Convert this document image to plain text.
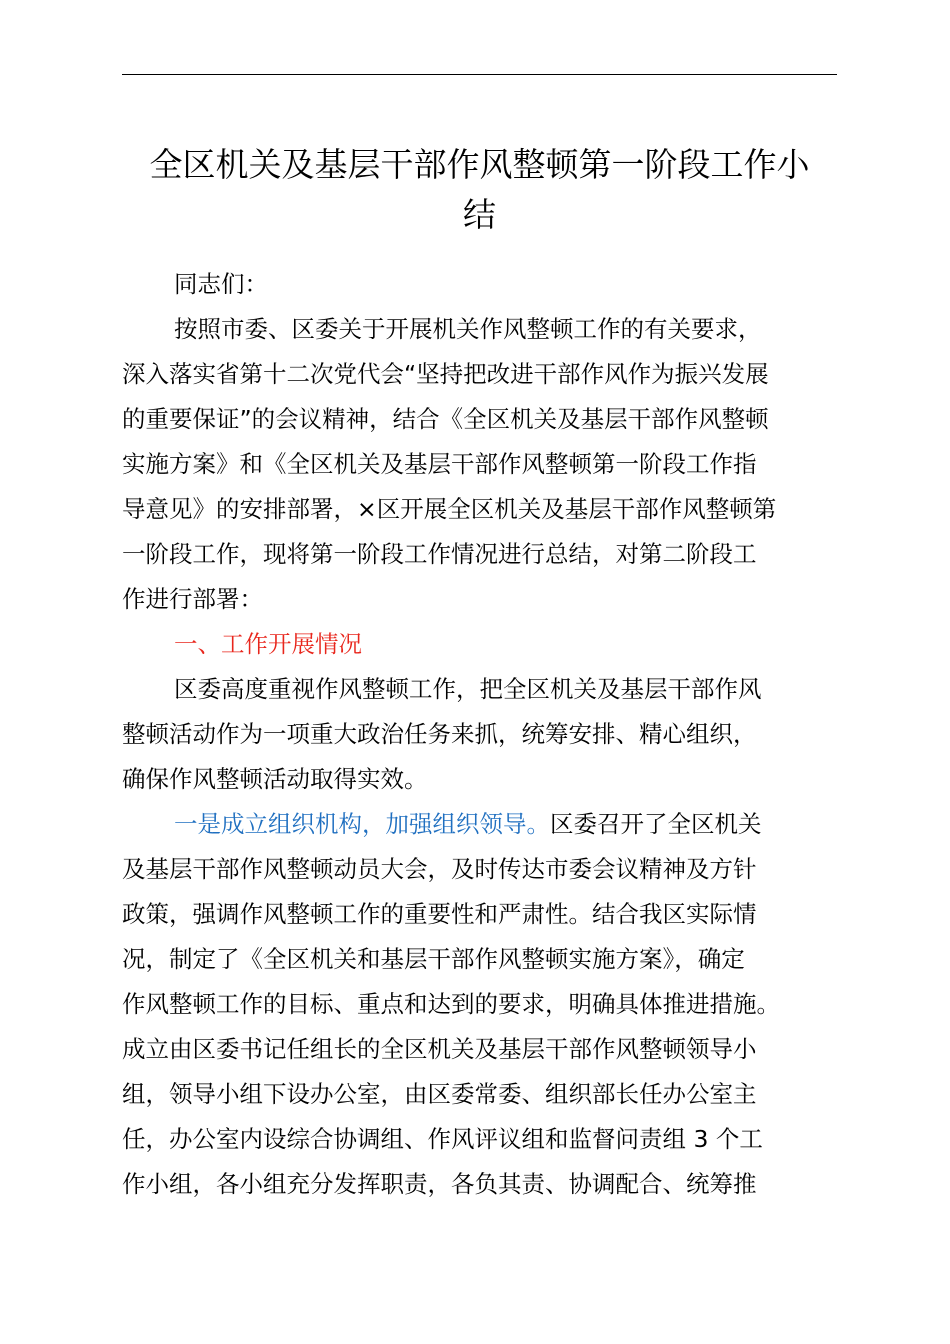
全区机关及基层干部作风整顿第一阶段工作小
结

同志们：

按照市委、区委关于开展机关作风整顿工作的有关要求，
深入落实省第十二次党代会“坚持把改进干部作风作为振兴发展
的重要保证”的会议精神，结合《全区机关及基层干部作风整顿
实施方案》和《全区机关及基层干部作风整顿第一阶段工作指
导意见》的安排部署，×区开展全区机关及基层干部作风整顿第
一阶段工作，现将第一阶段工作情况进行总结，对第二阶段工
作进行部署：

一、工作开展情况

区委高度重视作风整顿工作，把全区机关及基层干部作风
整顿活动作为一项重大政治任务来抓，统筹安排、精心组织，
确保作风整顿活动取得实效。

一是成立组织机构，加强组织领导。区委召开了全区机关
及基层干部作风整顿动员大会，及时传达市委会议精神及方针
政策，强调作风整顿工作的重要性和严肃性。结合我区实际情
况，制定了《全区机关和基层干部作风整顿实施方案》，确定
作风整顿工作的目标、重点和达到的要求，明确具体推进措施。
成立由区委书记任组长的全区机关及基层干部作风整顿领导小
组，领导小组下设办公室，由区委常委、组织部长任办公室主
任，办公室内设综合协调组、作风评议组和监督问责组 3 个工
作小组，各小组充分发挥职责，各负其责、协调配合、统筹推
